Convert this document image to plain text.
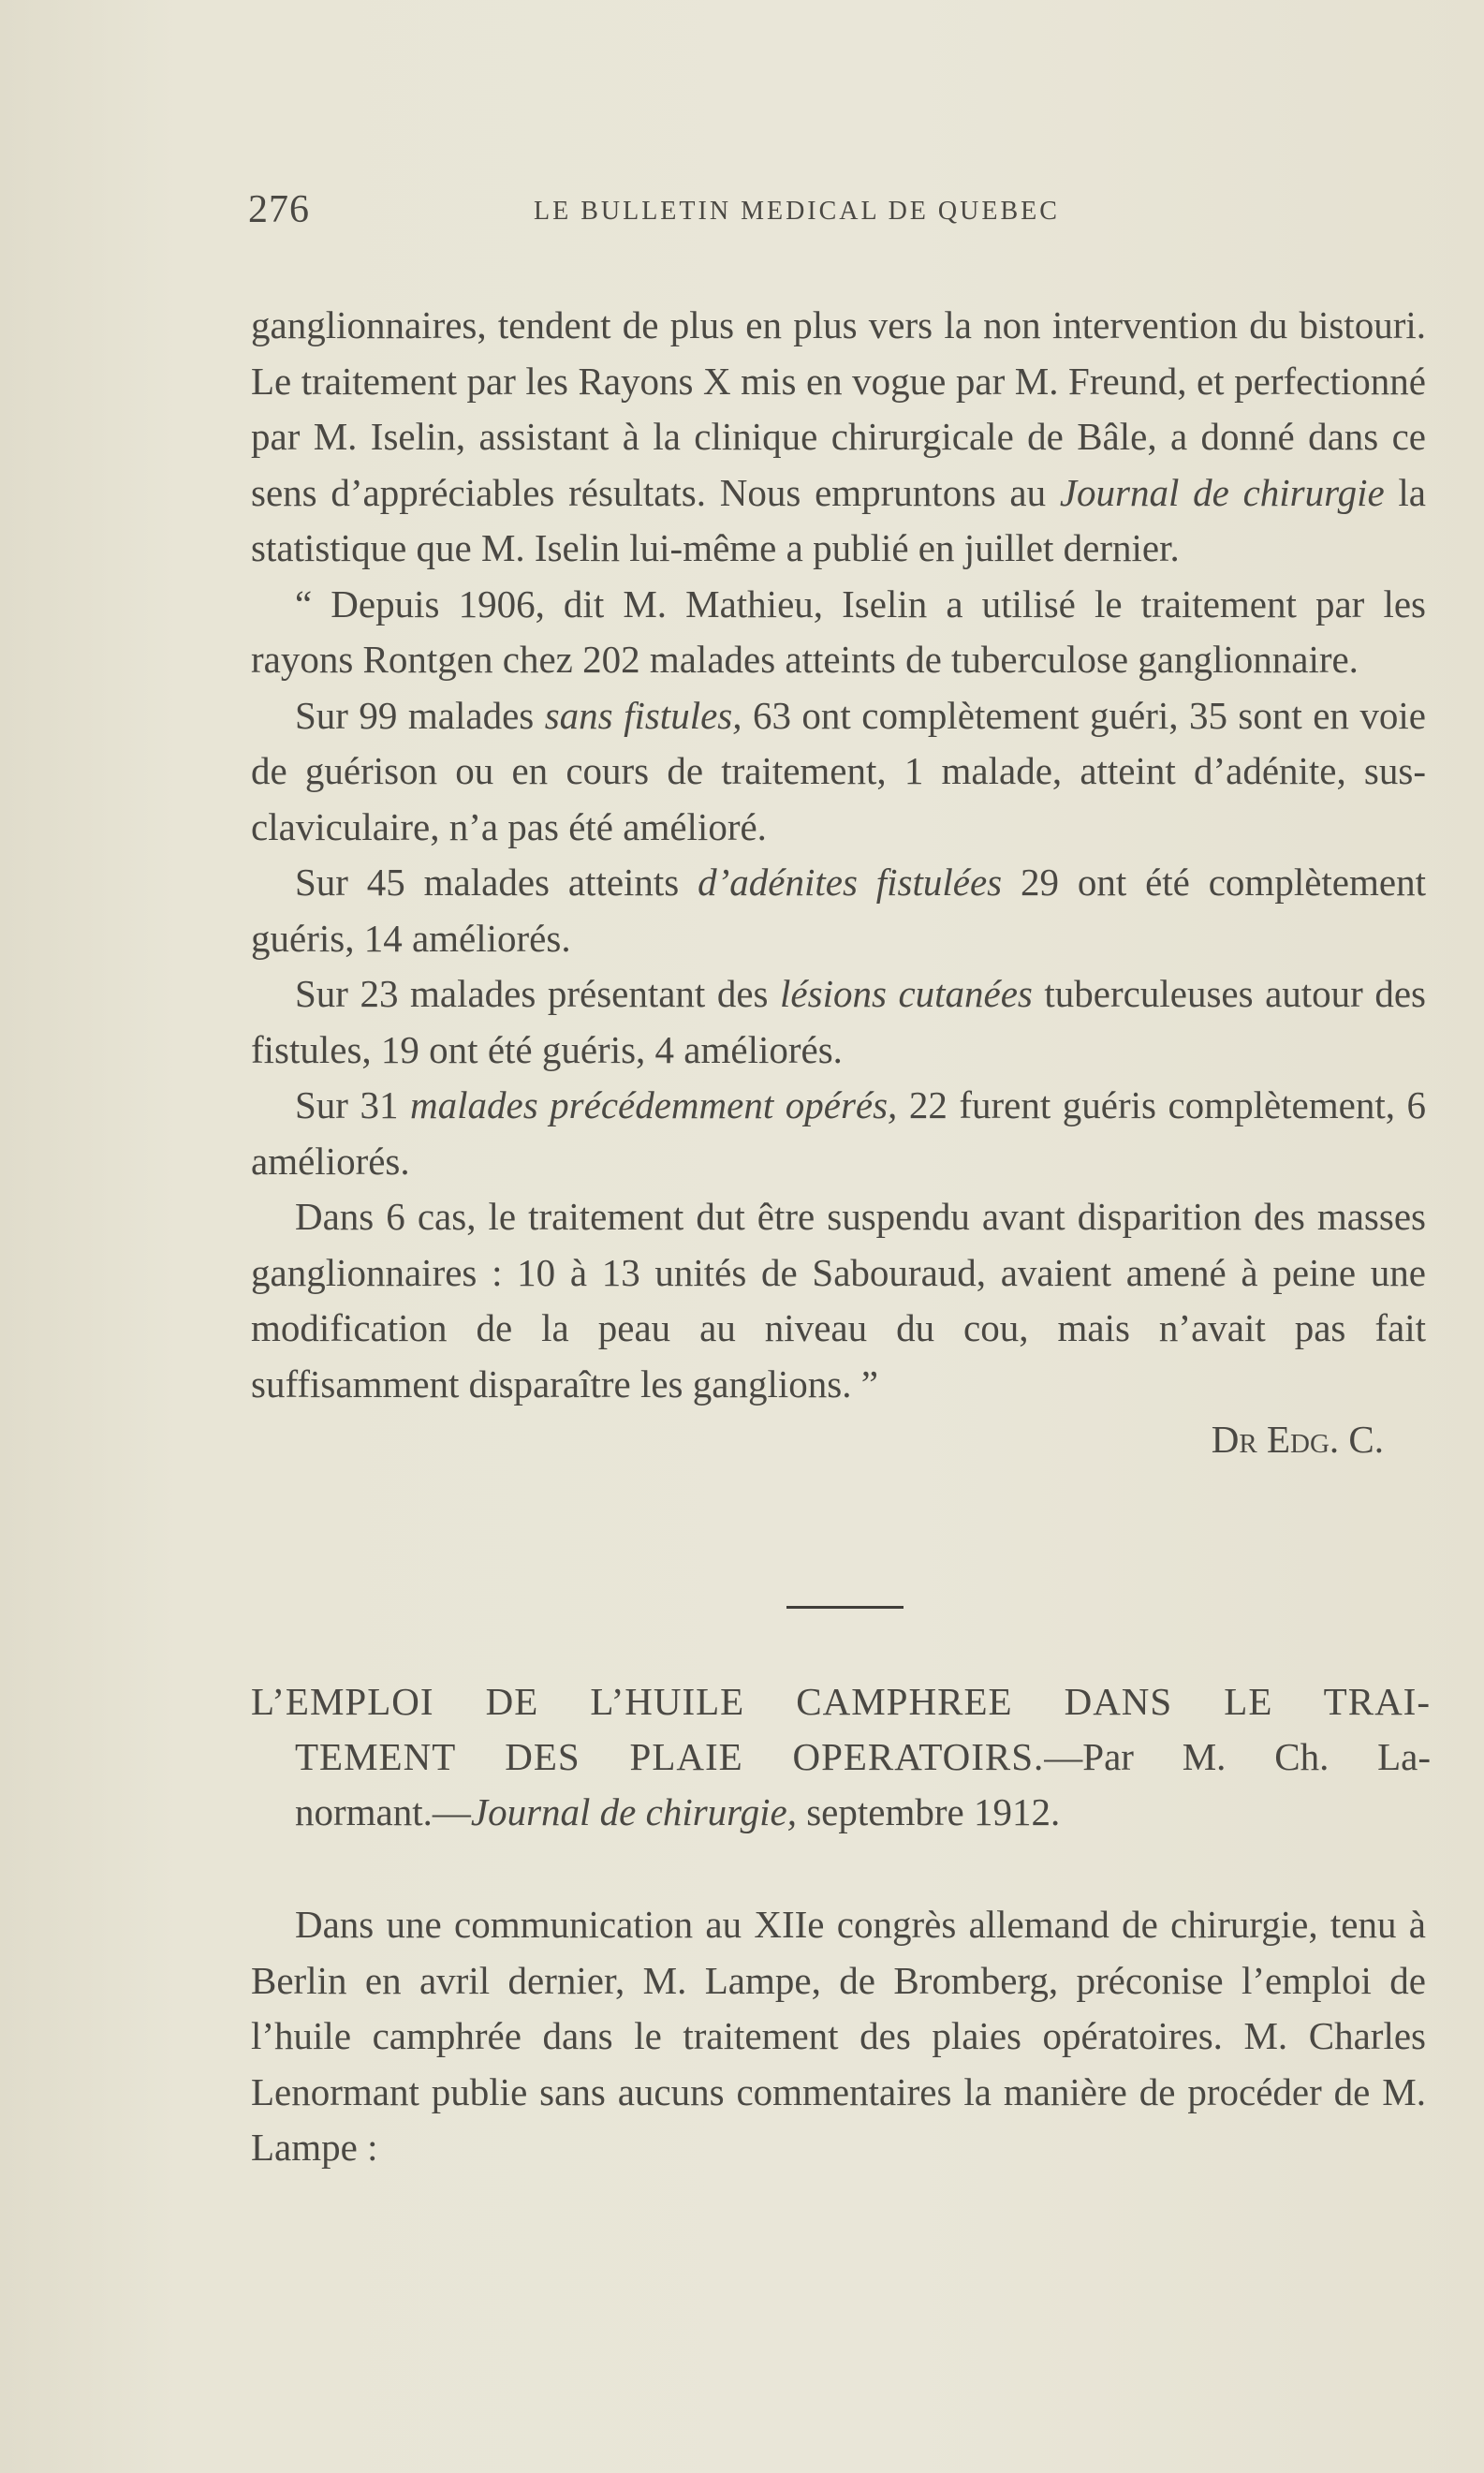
276	LE BULLETIN MEDICAL DE QUEBEC

ganglionnaires, tendent de plus en plus vers la non intervention du bistouri. Le traitement par les Rayons X mis en vogue par M. Freund, et perfectionné par M. Iselin, assistant à la clinique chirurgicale de Bâle, a donné dans ce sens d’appréciables résultats. Nous empruntons au Journal de chirurgie la statistique que M. Iselin lui-même a publié en juillet dernier.

“ Depuis 1906, dit M. Mathieu, Iselin a utilisé le traitement par les rayons Rontgen chez 202 malades atteints de tuberculose ganglionnaire.

Sur 99 malades sans fistules, 63 ont complètement guéri, 35 sont en voie de guérison ou en cours de traitement, 1 malade, atteint d’adénite, sus-claviculaire, n’a pas été amélioré.

Sur 45 malades atteints d’adénites fistulées 29 ont été complètement guéris, 14 améliorés.

Sur 23 malades présentant des lésions cutanées tuberculeuses autour des fistules, 19 ont été guéris, 4 améliorés.

Sur 31 malades précédemment opérés, 22 furent guéris complètement, 6 améliorés.

Dans 6 cas, le traitement dut être suspendu avant disparition des masses ganglionnaires : 10 à 13 unités de Sabouraud, avaient amené à peine une modification de la peau au niveau du cou, mais n’avait pas fait suffisamment disparaître les ganglions. ”

Dr Edg. C.

L’EMPLOI DE L’HUILE CAMPHREE DANS LE TRAI-
TEMENT DES PLAIE OPERATOIRS.—Par M. Ch. La-
normant.—Journal de chirurgie, septembre 1912.

Dans une communication au XIIe congrès allemand de chirurgie, tenu à Berlin en avril dernier, M. Lampe, de Bromberg, préconise l’emploi de l’huile camphrée dans le traitement des plaies opératoires. M. Charles Lenormant publie sans aucuns commentaires la manière de procéder de M. Lampe :
